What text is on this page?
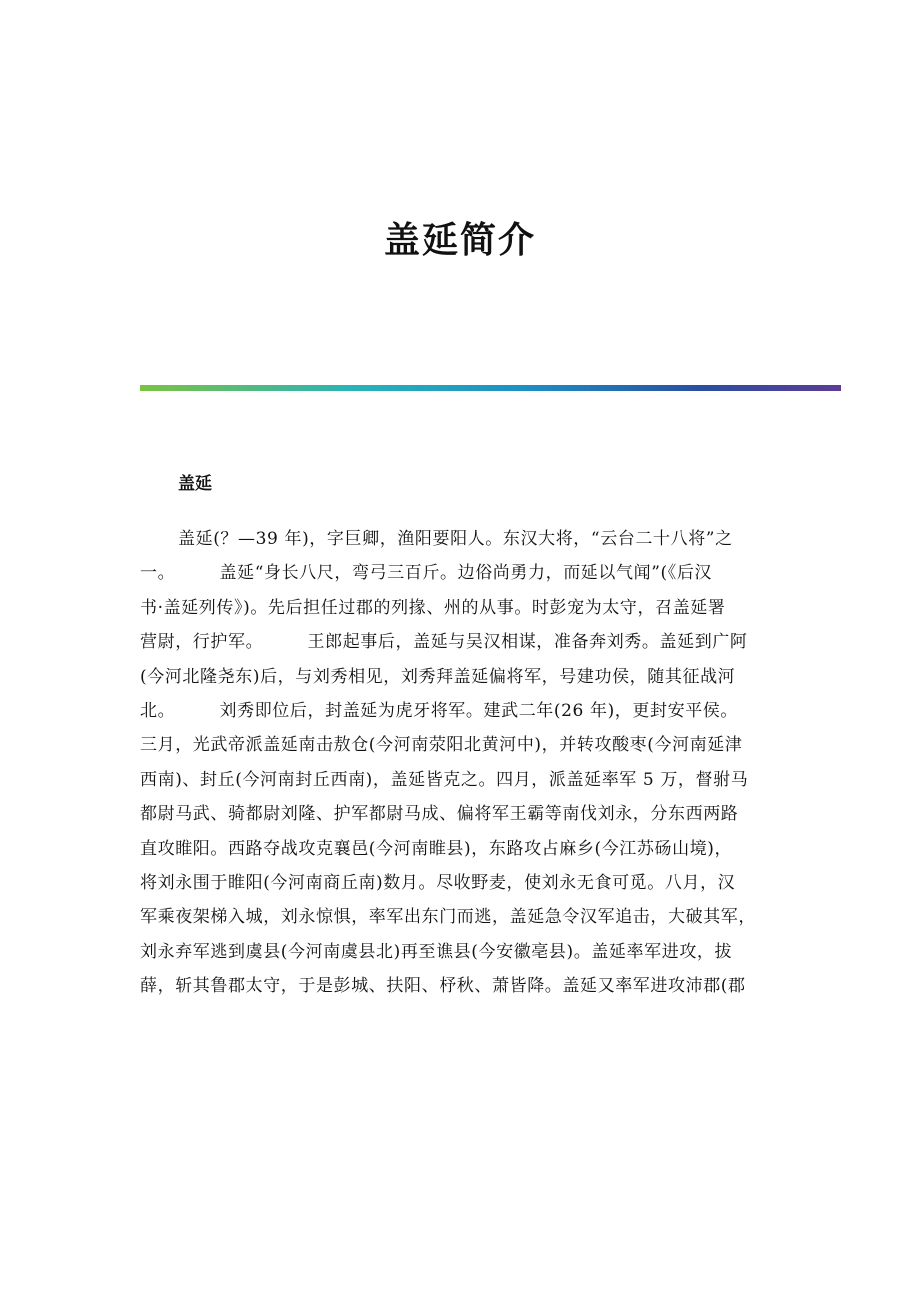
盖延简介
盖延
盖延(？—39 年)，字巨卿，渔阳要阳人。东汉大将，“云台二十八将”之
一。　　　盖延“身长八尺，弯弓三百斤。边俗尚勇力，而延以气闻”(《后汉
书·盖延列传》)。先后担任过郡的列掾、州的从事。时彭宠为太守，召盖延署
营尉，行护军。　　　王郎起事后，盖延与吴汉相谋，准备奔刘秀。盖延到广阿
(今河北隆尧东)后，与刘秀相见，刘秀拜盖延偏将军，号建功侯，随其征战河
北。　　　刘秀即位后，封盖延为虎牙将军。建武二年(26 年)，更封安平侯。
三月，光武帝派盖延南击敖仓(今河南荥阳北黄河中)，并转攻酸枣(今河南延津
西南)、封丘(今河南封丘西南)，盖延皆克之。四月，派盖延率军 5 万，督驸马
都尉马武、骑都尉刘隆、护军都尉马成、偏将军王霸等南伐刘永，分东西两路
直攻睢阳。西路夺战攻克襄邑(今河南睢县)，东路攻占麻乡(今江苏砀山境)，
将刘永围于睢阳(今河南商丘南)数月。尽收野麦，使刘永无食可觅。八月，汉
军乘夜架梯入城，刘永惊惧，率军出东门而逃，盖延急令汉军追击，大破其军，
刘永弃军逃到虞县(今河南虞县北)再至谯县(今安徽亳县)。盖延率军进攻，拔
薛，斩其鲁郡太守，于是彭城、扶阳、杼秋、萧皆降。盖延又率军进攻沛郡(郡
